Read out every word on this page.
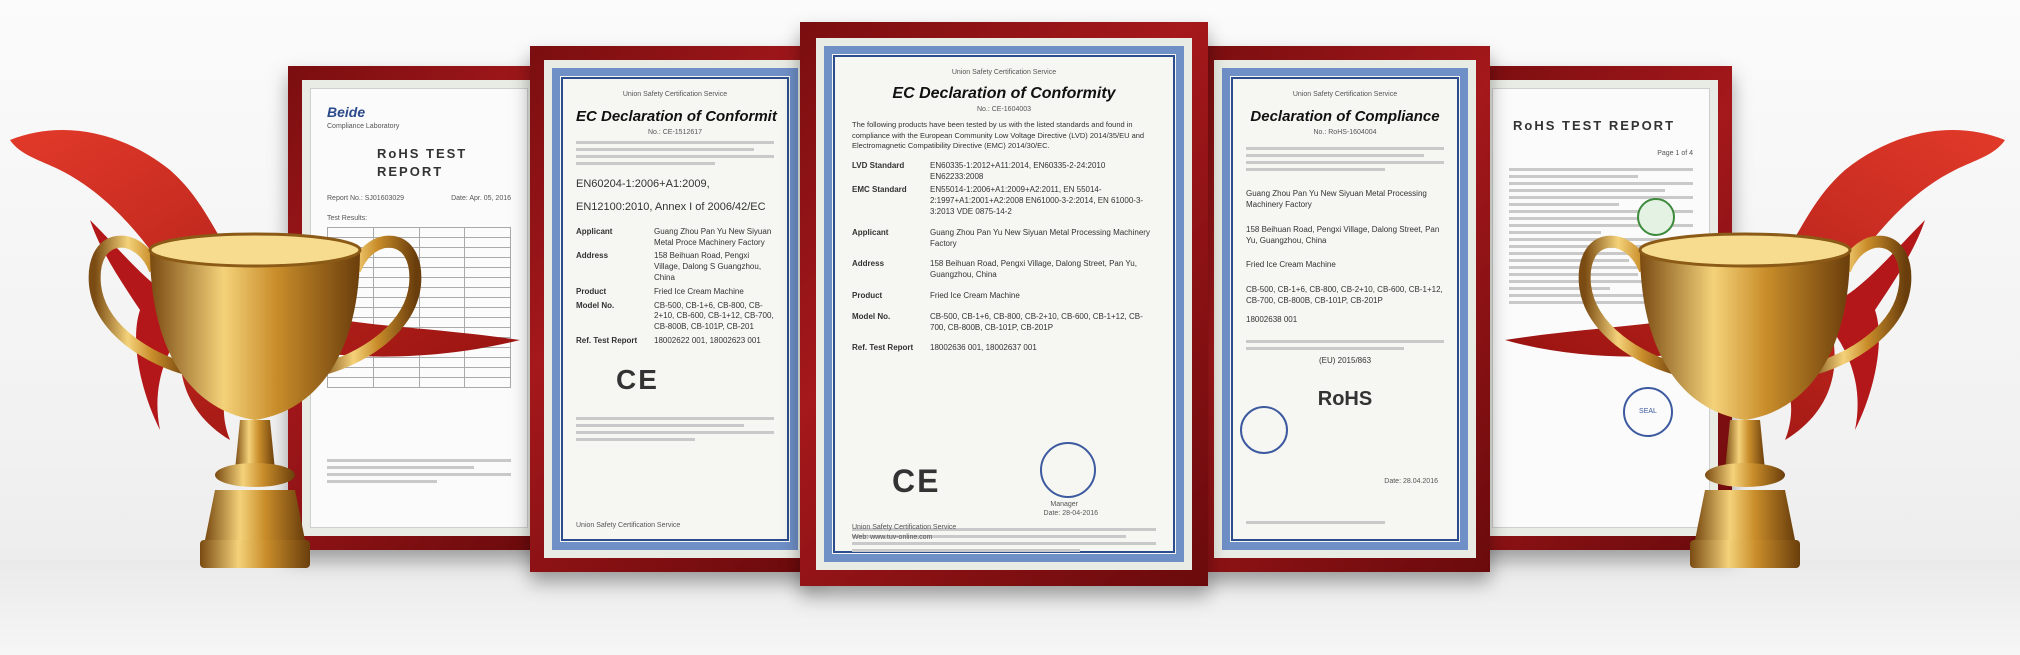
Beide
Compliance Laboratory
RoHS TEST REPORT
Report No.: SJ01603029	Date: Apr. 05, 2016
Test Results:

RoHS TEST REPORT
Page 1 of 4
SEAL
Union Safety Certification Service
EC Declaration of Conformit
No.: CE-1512617
EN60204-1:2006+A1:2009,
EN12100:2010, Annex I of 2006/42/EC
Applicant	Guang Zhou Pan Yu New Siyuan Metal Proce Machinery Factory
Address	158 Beihuan Road, Pengxi Village, Dalong S Guangzhou, China
Product	Fried Ice Cream Machine
Model No.	CB-500, CB-1+6, CB-800, CB-2+10, CB-600, CB-1+12, CB-700, CB-800B, CB-101P, CB-201
Ref. Test Report	18002622 001, 18002623 001
CE
Union Safety Certification Service
Union Safety Certification Service
Declaration of Compliance
No.: RoHS-1604004
Guang Zhou Pan Yu New Siyuan Metal Processing Machinery Factory
158 Beihuan Road, Pengxi Village, Dalong Street, Pan Yu, Guangzhou, China
Fried Ice Cream Machine
CB-500, CB-1+6, CB-800, CB-2+10, CB-600, CB-1+12, CB-700, CB-800B, CB-101P, CB-201P
18002638 001
(EU) 2015/863
RoHS
Date: 28.04.2016
Union Safety Certification Service
EC Declaration of Conformity
No.: CE-1604003
The following products have been tested by us with the listed standards and found in compliance with the European Community Low Voltage Directive (LVD) 2014/35/EU and Electromagnetic Compatibility Directive (EMC) 2014/30/EC.
LVD Standard	EN60335-1:2012+A11:2014, EN60335-2-24:2010 EN62233:2008
EMC Standard	EN55014-1:2006+A1:2009+A2:2011, EN 55014-2:1997+A1:2001+A2:2008 EN61000-3-2:2014, EN 61000-3-3:2013 VDE 0875-14-2
Applicant	Guang Zhou Pan Yu New Siyuan Metal Processing Machinery Factory
Address	158 Beihuan Road, Pengxi Village, Dalong Street, Pan Yu, Guangzhou, China
Product	Fried Ice Cream Machine
Model No.	CB-500, CB-1+6, CB-800, CB-2+10, CB-600, CB-1+12, CB-700, CB-800B, CB-101P, CB-201P
Ref. Test Report	18002636 001, 18002637 001
CE
Manager
Date: 28-04-2016
Union Safety Certification Service
Web: www.tuv-online.com
